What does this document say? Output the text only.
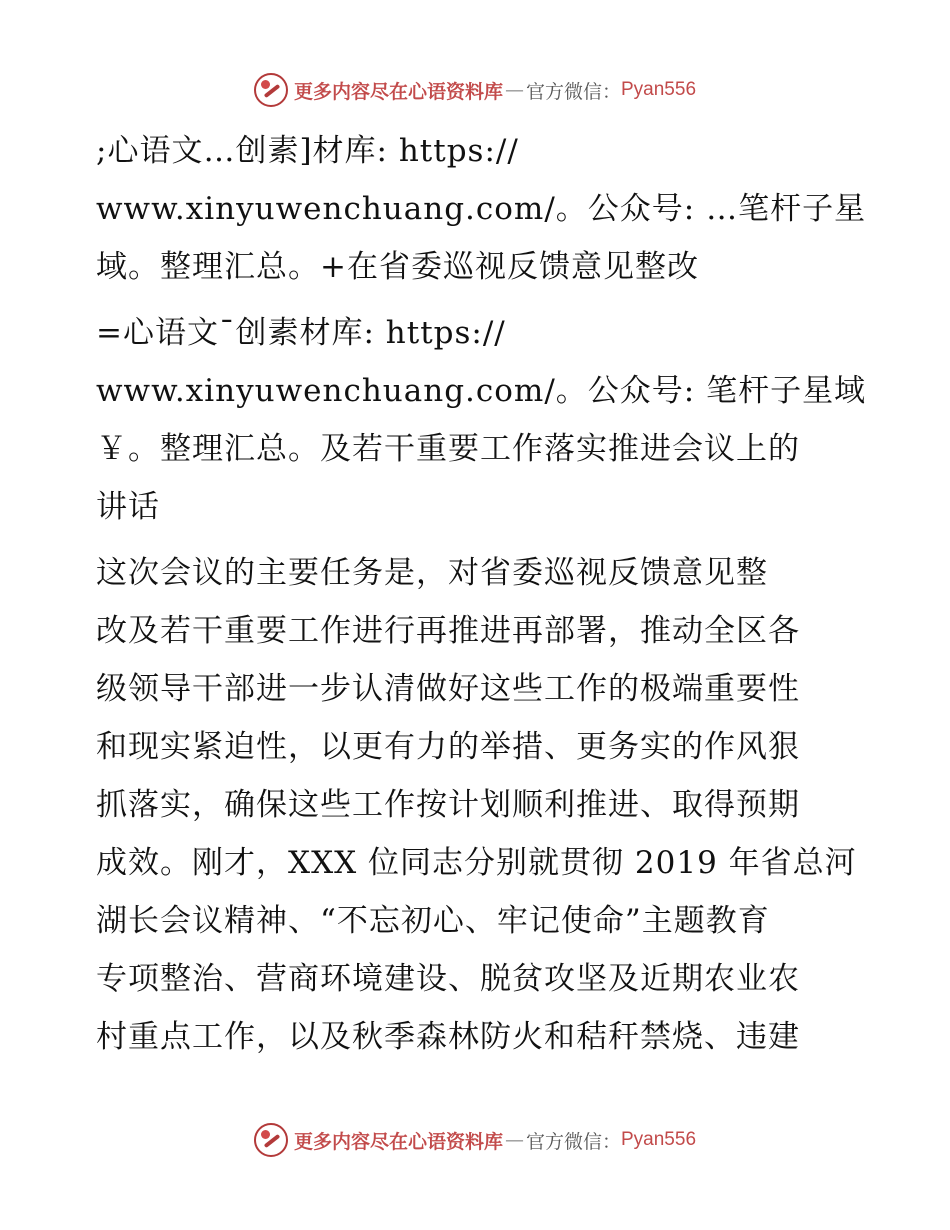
更多内容尽在心语资料库 — 官方微信： Pyan556

;心语文…创素]材库: https://
www.xinyuwenchuang.com/。公众号: …笔杆子星
域。整理汇总。+在省委巡视反馈意见整改

=心语文¯创素材库: https://
www.xinyuwenchuang.com/。公众号: 笔杆子星域
￥。整理汇总。及若干重要工作落实推进会议上的
讲话

这次会议的主要任务是，对省委巡视反馈意见整
改及若干重要工作进行再推进再部署，推动全区各
级领导干部进一步认清做好这些工作的极端重要性
和现实紧迫性，以更有力的举措、更务实的作风狠
抓落实，确保这些工作按计划顺利推进、取得预期
成效。刚才，XXX 位同志分别就贯彻 2019 年省总河
湖长会议精神、“不忘初心、牢记使命”主题教育
专项整治、营商环境建设、脱贫攻坚及近期农业农
村重点工作，以及秋季森林防火和秸秆禁烧、违建

更多内容尽在心语资料库 — 官方微信： Pyan556
